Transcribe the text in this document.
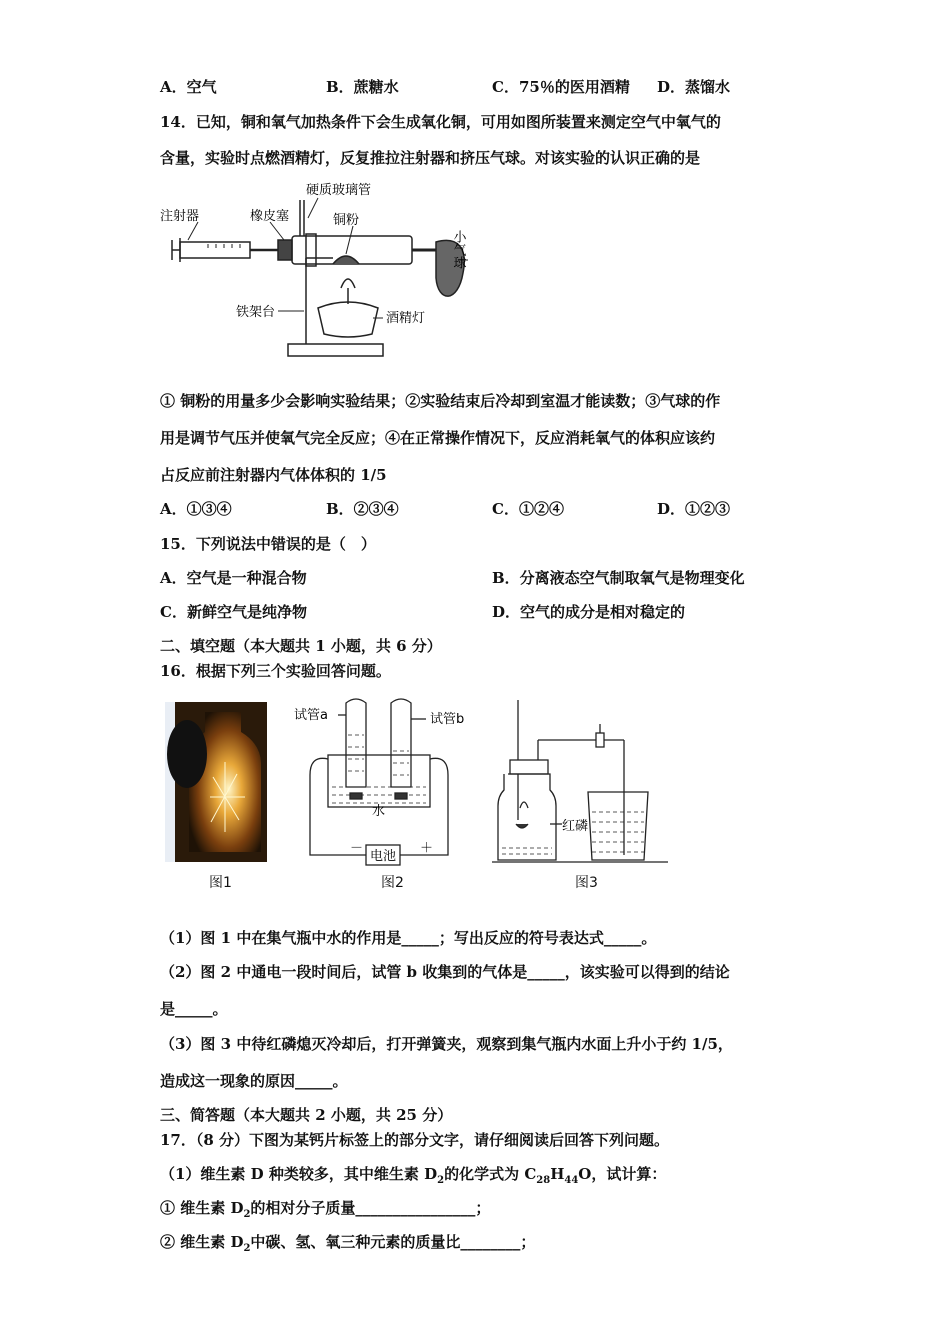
A．空气	B．蔗糖水	C．75％的医用酒精 D．蒸馏水
14．已知，铜和氧气加热条件下会生成氧化铜，可用如图所装置来测定空气中氧气的
含量，实验时点燃酒精灯，反复推拉注射器和挤压气球。对该实验的认识正确的是
注射器	橡皮塞
硬质玻璃管
铜粉
小气球
铁架台	酒精灯
① 铜粉的用量多少会影响实验结果；②实验结束后冷却到室温才能读数；③气球的作
用是调节气压并使氧气完全反应；④在正常操作情况下，反应消耗氧气的体积应该约
占反应前注射器内气体体积的 1/5
A．①③④	B．②③④	C．①②④	D．①②③
15．下列说法中错误的是（　）
A．空气是一种混合物	B．分离液态空气制取氧气是物理变化
C．新鲜空气是纯净物	D．空气的成分是相对稳定的
二、填空题（本大题共 1 小题，共 6 分）
16．根据下列三个实验回答问题。
图1
试管a	试管b
水
电池
－	＋
图2
红磷
图3
（1）图 1 中在集气瓶中水的作用是_____；写出反应的符号表达式_____。
（2）图 2 中通电一段时间后，试管 b 收集到的气体是_____，该实验可以得到的结论
是_____。
（3）图 3 中待红磷熄灭冷却后，打开弹簧夹，观察到集气瓶内水面上升小于约 1/5，
造成这一现象的原因_____。
三、简答题（本大题共 2 小题，共 25 分）
17．（8 分）下图为某钙片标签上的部分文字，请仔细阅读后回答下列问题。
（1）维生素 D 种类较多，其中维生素 $D_2$的化学式为 $C_{28}H_{44}O$，试计算：
① 维生素 $D_2$的相对分子质量________________；
② 维生素 $D_2$中碳、氢、氧三种元素的质量比________；
